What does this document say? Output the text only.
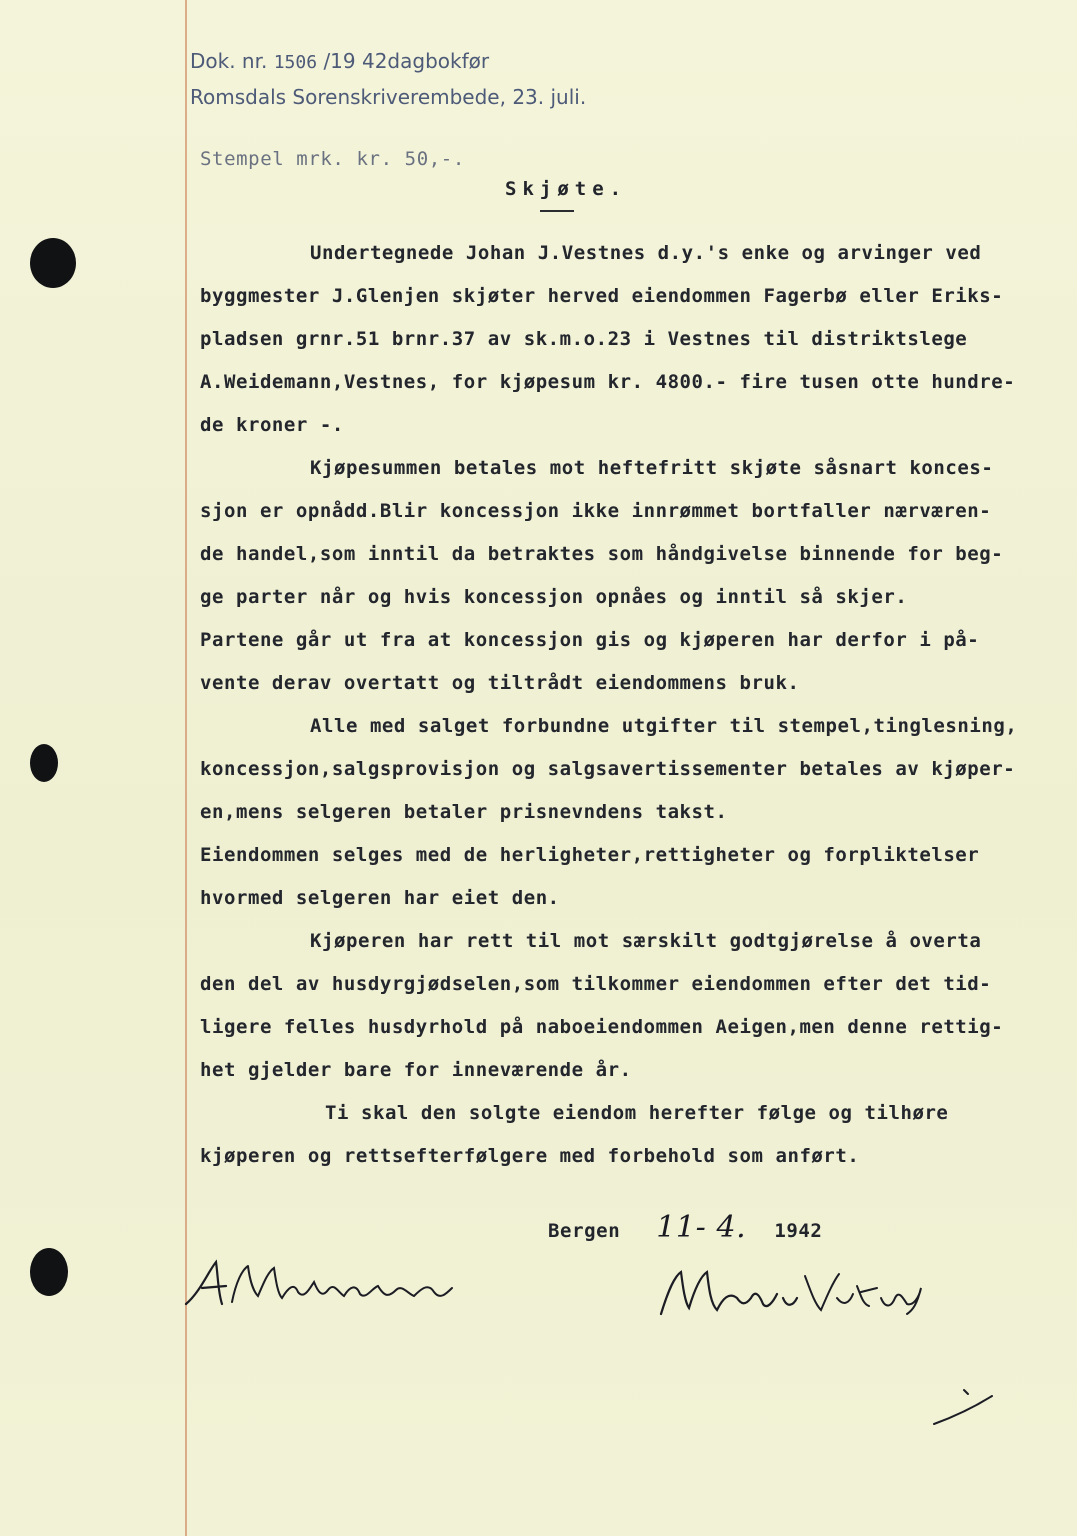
Dok. nr. 1506 /19 42dagbokfør
Romsdals Sorenskriverembede, 23. juli.
Stempel mrk. kr. 50,-.
Skjøte.
Undertegnede Johan J.Vestnes d.y.'s enke og arvinger ved
byggmester J.Glenjen skjøter herved eiendommen Fagerbø eller Eriks-
pladsen grnr.51 brnr.37 av sk.m.o.23 i Vestnes til distriktslege
A.Weidemann,Vestnes, for kjøpesum kr. 4800.- fire tusen otte hundre-
de kroner -.
Kjøpesummen betales mot heftefritt skjøte såsnart konces-
sjon er opnådd.Blir koncessjon ikke innrømmet bortfaller nærværen-
de handel,som inntil da betraktes som håndgivelse binnende for beg-
ge parter når og hvis koncessjon opnåes og inntil så skjer.
Partene går ut fra at koncessjon gis og kjøperen har derfor i på-
vente derav overtatt og tiltrådt eiendommens bruk.
Alle med salget forbundne utgifter til stempel,tinglesning,
koncessjon,salgsprovisjon og salgsavertissementer betales av kjøper-
en,mens selgeren betaler prisnevndens takst.
Eiendommen selges med de herligheter,rettigheter og forpliktelser
hvormed selgeren har eiet den.
Kjøperen har rett til mot særskilt godtgjørelse å overta
den del av husdyrgjødselen,som tilkommer eiendommen efter det tid-
ligere felles husdyrhold på naboeiendommen Aeigen,men denne rettig-
het gjelder bare for inneværende år.
Ti skal den solgte eiendom herefter følge og tilhøre
kjøperen og rettsefterfølgere med forbehold som anført.
Bergen 11- 4. 1942
